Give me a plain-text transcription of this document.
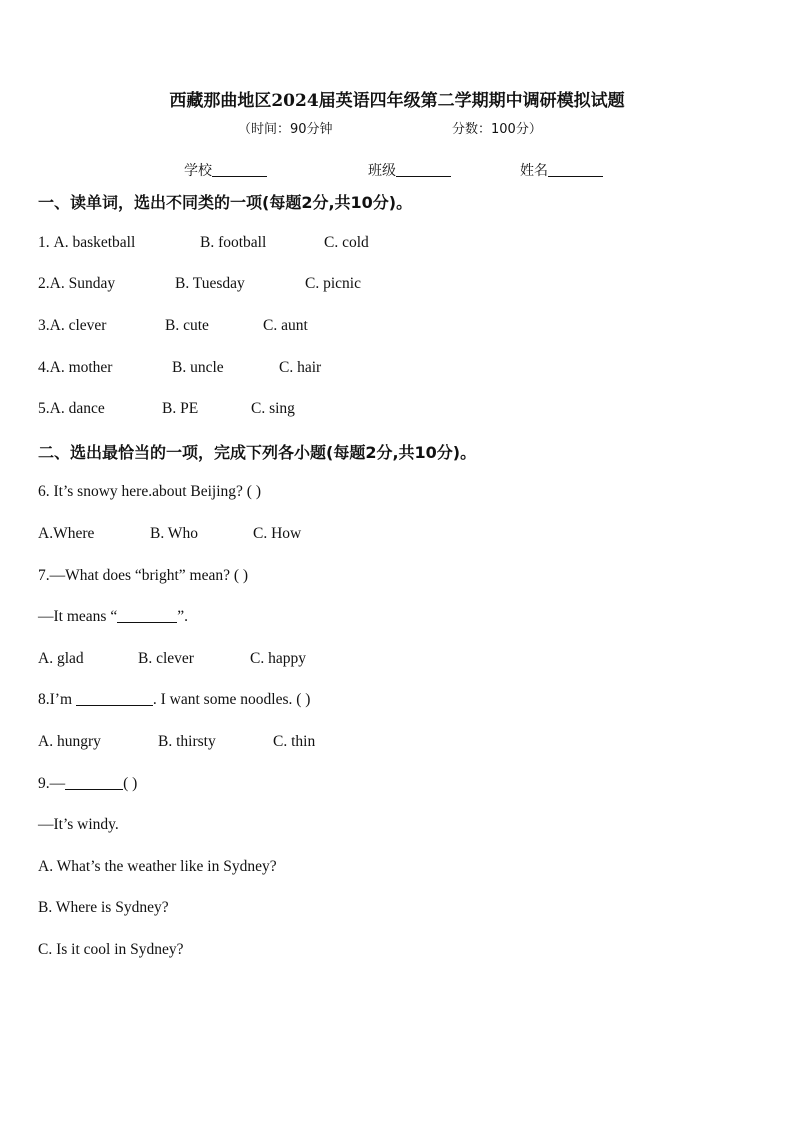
西藏那曲地区2024届英语四年级第二学期期中调研模拟试题
（时间：90分钟	分数：100分）
学校	班级	姓名
一、读单词，选出不同类的一项(每题2分,共10分)。
1. A. basketball	B. football	C. cold
2.A. Sunday	B. Tuesday	C. picnic
3.A. clever	B. cute	C. aunt
4.A. mother	B. uncle	C. hair
5.A. dance	B. PE	C. sing
二、选出最恰当的一项，完成下列各小题(每题2分,共10分)。
6. It’s snowy here.about Beijing? ( )
A.Where	B. Who	C. How
7.—What does “bright” mean? ( )
—It means “	”.
A. glad	B. clever	C. happy
8.I’m	. I want some noodles. ( )
A. hungry	B. thirsty	C. thin
9.—	( )
—It’s windy.
A. What’s the weather like in Sydney?
B. Where is Sydney?
C. Is it cool in Sydney?
